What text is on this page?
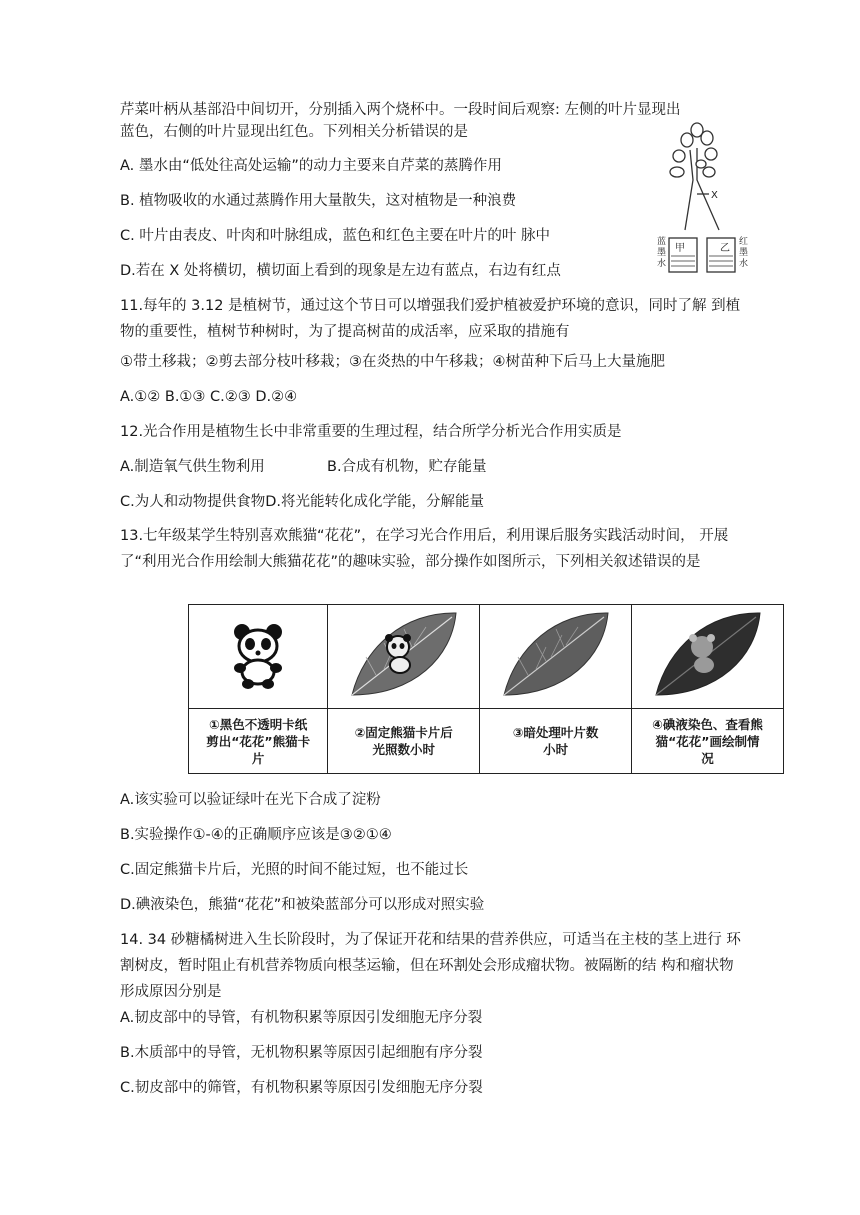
芹菜叶柄从基部沿中间切开，分别插入两个烧杯中。一段时间后观察: 左侧的叶片显现出
蓝色，右侧的叶片显现出红色。下列相关分析错误的是
A. 墨水由“低处往高处运输”的动力主要来自芹菜的蒸腾作用
B. 植物吸收的水通过蒸腾作用大量散失，这对植物是一种浪费
C. 叶片由表皮、叶肉和叶脉组成，蓝色和红色主要在叶片的叶 脉中
D.若在 X 处将横切，横切面上看到的现象是左边有蓝点，右边有红点
X
甲	乙
蓝
墨
水
红
墨
水
11.每年的 3.12 是植树节，通过这个节日可以增强我们爱护植被爱护环境的意识，同时了解 到植物的重要性，植树节种树时，为了提高树苗的成活率，应采取的措施有
①带土移栽；②剪去部分枝叶移栽；③在炎热的中午移栽；④树苗种下后马上大量施肥
A.①② B.①③ C.②③ D.②④
12.光合作用是植物生长中非常重要的生理过程，结合所学分析光合作用实质是
A.制造氧气供生物利用	B.合成有机物，贮存能量
C.为人和动物提供食物D.将光能转化成化学能，分解能量
13.七年级某学生特别喜欢熊猫“花花”，在学习光合作用后，利用课后服务实践活动时间， 开展了“利用光合作用绘制大熊猫花花”的趣味实验，部分操作如图所示，下列相关叙述错误的是

①黑色不透明卡纸剪出“花花”熊猫卡片	②固定熊猫卡片后光照数小时	③暗处理叶片数小时	④碘液染色、查看熊猫“花花”画绘制情况
A.该实验可以验证绿叶在光下合成了淀粉
B.实验操作①-④的正确顺序应该是③②①④
C.固定熊猫卡片后，光照的时间不能过短，也不能过长
D.碘液染色，熊猫“花花”和被染蓝部分可以形成对照实验
14. 34 砂糖橘树进入生长阶段时，为了保证开花和结果的营养供应，可适当在主枝的茎上进行 环割树皮，暂时阻止有机营养物质向根茎运输，但在环割处会形成瘤状物。被隔断的结 构和瘤状物形成原因分别是
A.韧皮部中的导管，有机物积累等原因引发细胞无序分裂
B.木质部中的导管，无机物积累等原因引起细胞有序分裂
C.韧皮部中的筛管，有机物积累等原因引发细胞无序分裂
